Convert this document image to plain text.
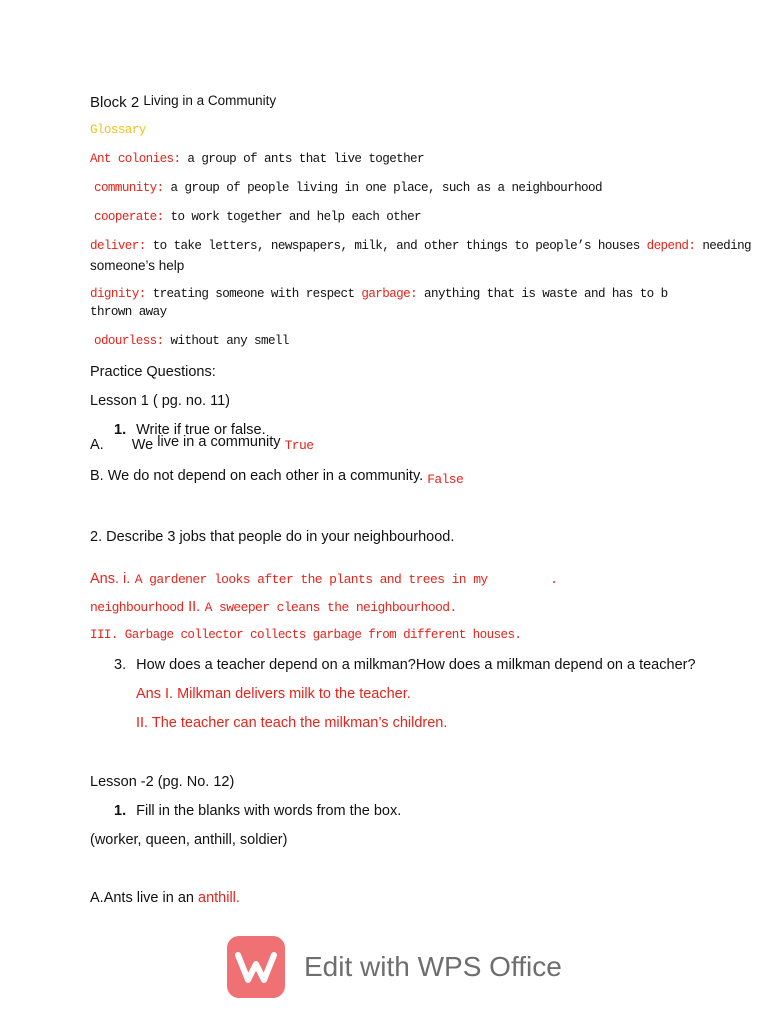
Block 2 Living in a Community
Glossary
Ant colonies: a group of ants that live together
community: a group of people living in one place, such as a neighbourhood
cooperate: to work together and help each other
deliver: to take letters, newspapers, milk, and other things to people’s houses depend: needing
someone’s help
dignity: treating someone with respect garbage: anything that is waste and has to b
thrown away
odourless: without any smell
Practice Questions:
Lesson 1 ( pg. no. 11)
1. Write if true or false.
A. We live in a community True
B. We do not depend on each other in a community. False
2. Describe 3 jobs that people do in your neighbourhood.
Ans. i. A gardener looks after the plants and trees in my	.
neighbourhood II. A sweeper cleans the neighbourhood.
III. Garbage collector collects garbage from different houses.
3. How does a teacher depend on a milkman?How does a milkman depend on a teacher?
Ans I. Milkman delivers milk to the teacher.
II. The teacher can teach the milkman’s children.
Lesson -2 (pg. No. 12)
1. Fill in the blanks with words from the box.
(worker, queen, anthill, soldier)
A.Ants live in an anthill.
Edit with WPS Office
